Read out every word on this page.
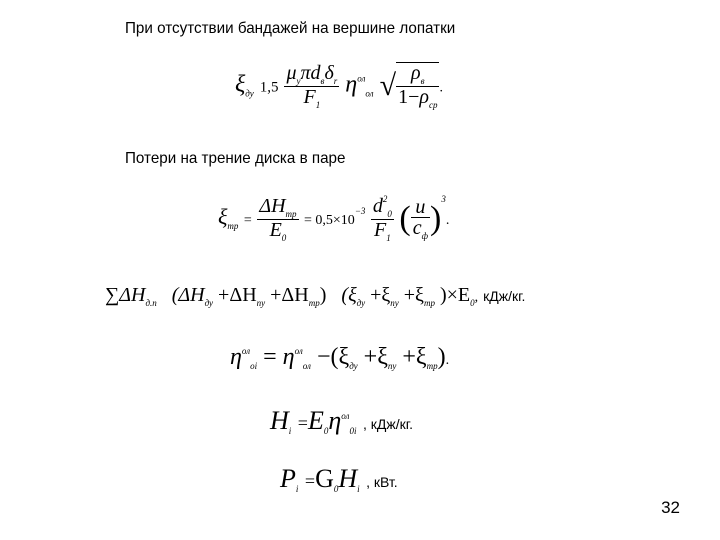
При отсутствии бандажей на вершине лопатки
$\xi_{ду}$ $1,5 \frac{\mu_у\pi d_в\delta_r}{F_1} \eta^{ол}_{ол}$ √ $\frac{\rho_в}{1-\rho_{ср}}$ .
Потери на трение диска в паре
$\xi_{тр} = \frac{\Delta H_{тр}}{E_0} = 0,5\times 10^{-3} \frac{d^2_0}{F_1}$ ( $\frac{u}{c_ф} )^3$.
$\sum\Delta H_{д.п}$ $(\Delta H_{ду} +\Delta H_{пу} +\Delta H_{тр})$ ($\xi_{ду} +\xi_{пу} +\xi_{тр}$ )$\times E_0$, кДж/кг.
$\eta^{ол}_{оi} = \eta^{ол}_{ол} -(\xi_{ду} +\xi_{пу} +\xi_{тр})$.
$H_i =E_0\eta^{ол}_{0i}$ , кДж/кг.
$P_i =G_0H_i$ , кВт.
32
